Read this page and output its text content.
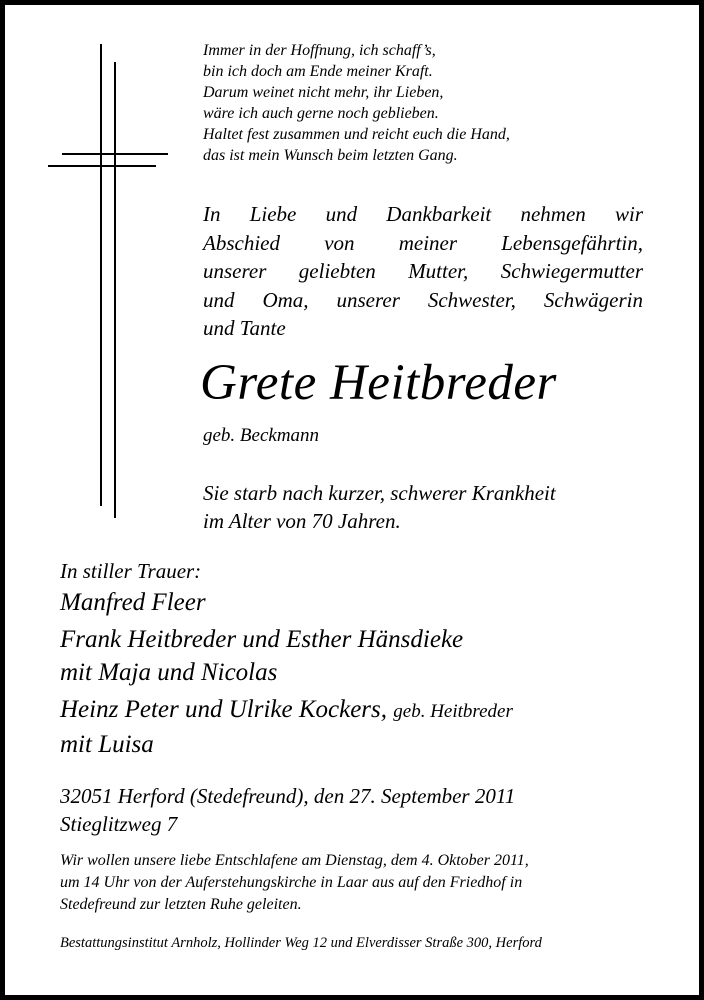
Immer in der Hoffnung, ich schaff’s,
bin ich doch am Ende meiner Kraft.
Darum weinet nicht mehr, ihr Lieben,
wäre ich auch gerne noch geblieben.
Haltet fest zusammen und reicht euch die Hand,
das ist mein Wunsch beim letzten Gang.
In Liebe und Dankbarkeit nehmen wir
Abschied von meiner Lebensgefährtin,
unserer geliebten Mutter, Schwiegermutter
und Oma, unserer Schwester, Schwägerin
und Tante
Grete Heitbreder
geb. Beckmann
Sie starb nach kurzer, schwerer Krankheit
im Alter von 70 Jahren.
In stiller Trauer:
Manfred Fleer
Frank Heitbreder und Esther Hänsdieke
mit Maja und Nicolas
Heinz Peter und Ulrike Kockers, geb. Heitbreder
mit Luisa
32051 Herford (Stedefreund), den 27. September 2011
Stieglitzweg 7
Wir wollen unsere liebe Entschlafene am Dienstag, dem 4. Oktober 2011,
um 14 Uhr von der Auferstehungskirche in Laar aus auf den Friedhof in
Stedefreund zur letzten Ruhe geleiten.
Bestattungsinstitut Arnholz, Hollinder Weg 12 und Elverdisser Straße 300, Herford
